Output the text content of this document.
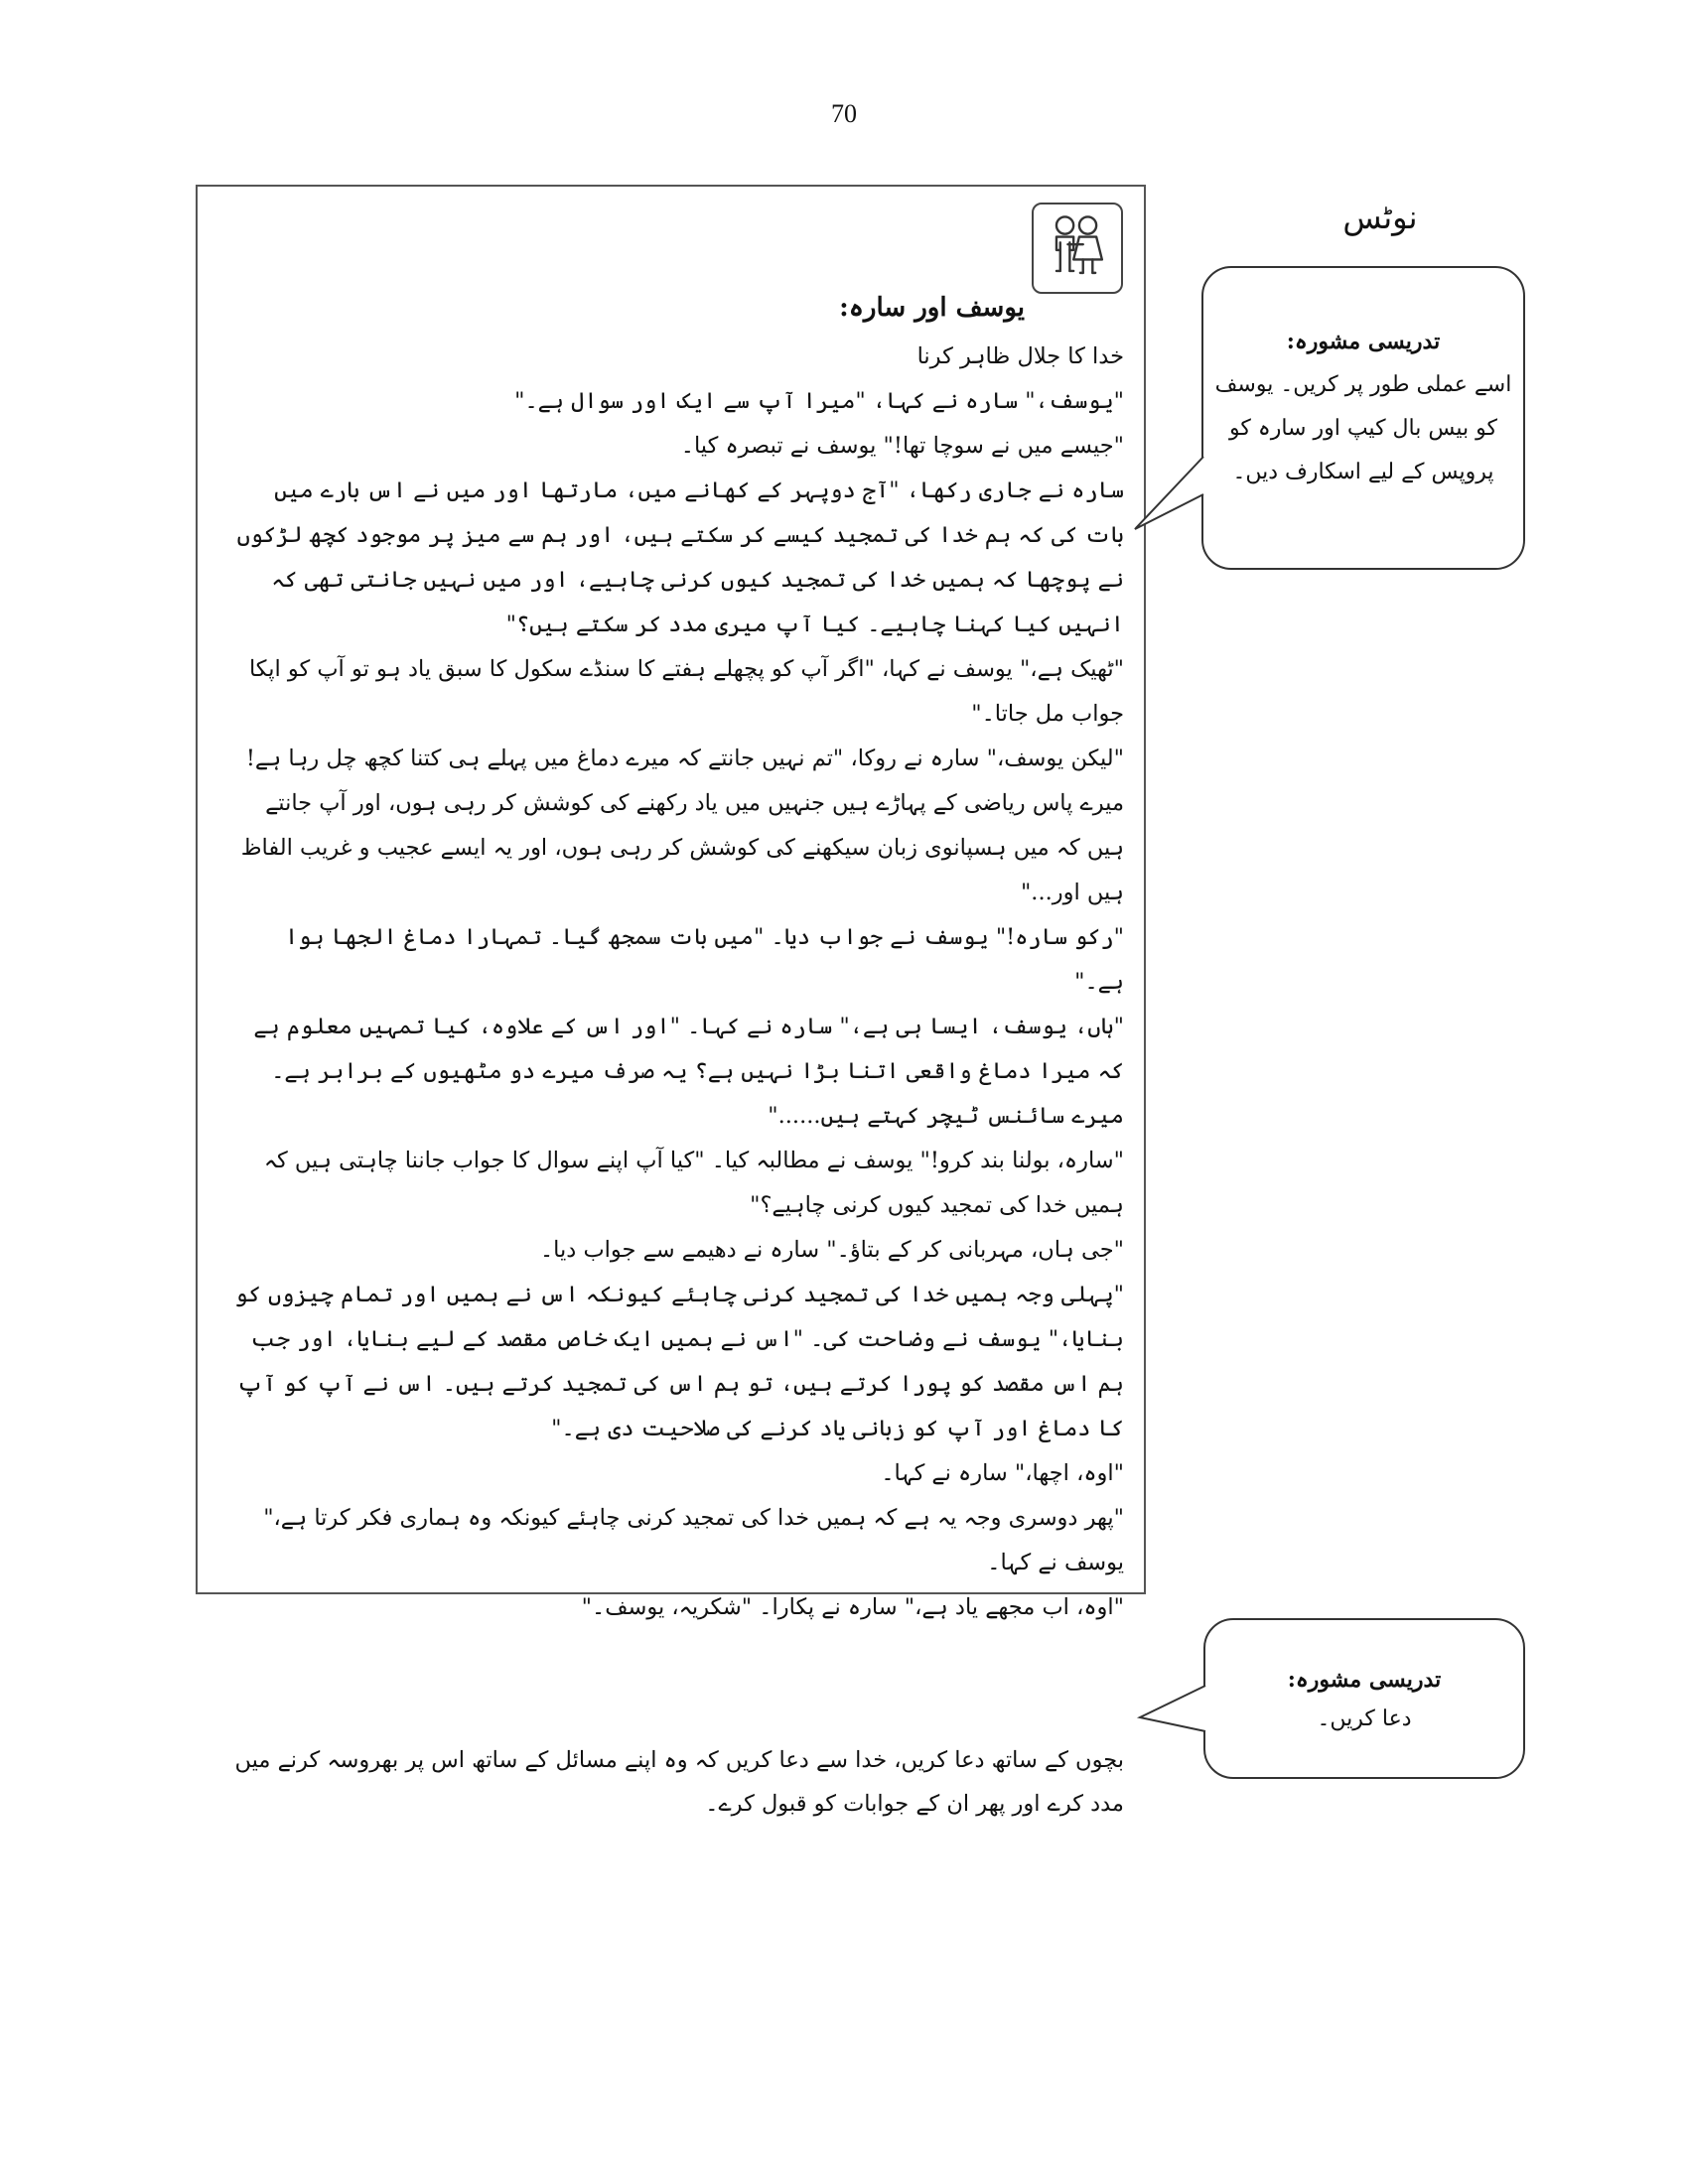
70

یوسف اور سارہ:

خدا کا جلال ظاہر کرنا

"یوسف،" سارہ نے کہا، "میرا آپ سے ایک اور سوال ہے۔"

"جیسے میں نے سوچا تھا!" یوسف نے تبصرہ کیا۔

سارہ نے جاری رکھا، "آج دوپہر کے کھانے میں، مارتھا اور میں نے اس بارے میں بات کی کہ ہم خدا کی تمجید کیسے کر سکتے ہیں، اور ہم سے میز پر موجود کچھ لڑکوں نے پوچھا کہ ہمیں خدا کی تمجید کیوں کرنی چاہیے، اور میں نہیں جانتی تھی کہ انہیں کیا کہنا چاہیے۔ کیا آپ میری مدد کر سکتے ہیں؟"

"ٹھیک ہے،" یوسف نے کہا، "اگر آپ کو پچھلے ہفتے کا سنڈے سکول کا سبق یاد ہو تو آپ کو اپکا جواب مل جاتا۔"

"لیکن یوسف،" سارہ نے روکا، "تم نہیں جانتے کہ میرے دماغ میں پہلے ہی کتنا کچھ چل رہا ہے! میرے پاس ریاضی کے پہاڑے ہیں جنہیں میں یاد رکھنے کی کوشش کر رہی ہوں، اور آپ جانتے ہیں کہ میں ہسپانوی زبان سیکھنے کی کوشش کر رہی ہوں، اور یہ ایسے عجیب و غریب الفاظ ہیں اور..."

"رکو سارہ!" یوسف نے جواب دیا۔ "میں بات سمجھ گیا۔ تمہارا دماغ الجھا ہوا ہے۔"

"ہاں، یوسف، ایسا ہی ہے،" سارہ نے کہا۔ "اور اس کے علاوہ، کیا تمہیں معلوم ہے کہ میرا دماغ واقعی اتنا بڑا نہیں ہے؟ یہ صرف میرے دو مٹھیوں کے برابر ہے۔ میرے سائنس ٹیچر کہتے ہیں......"

"سارہ، بولنا بند کرو!" یوسف نے مطالبہ کیا۔ "کیا آپ اپنے سوال کا جواب جاننا چاہتی ہیں کہ ہمیں خدا کی تمجید کیوں کرنی چاہیے؟"

"جی ہاں، مہربانی کر کے بتاؤ۔" سارہ نے دھیمے سے جواب دیا۔

"پہلی وجہ ہمیں خدا کی تمجید کرنی چاہئے کیونکہ اس نے ہمیں اور تمام چیزوں کو بنایا،" یوسف نے وضاحت کی۔ "اس نے ہمیں ایک خاص مقصد کے لیے بنایا، اور جب ہم اس مقصد کو پورا کرتے ہیں، تو ہم اس کی تمجید کرتے ہیں۔ اس نے آپ کو آپ کا دماغ اور آپ کو زبانی یاد کرنے کی صلاحیت دی ہے۔"

"اوہ، اچھا،" سارہ نے کہا۔

"پھر دوسری وجہ یہ ہے کہ ہمیں خدا کی تمجید کرنی چاہئے کیونکہ وہ ہماری فکر کرتا ہے،" یوسف نے کہا۔

"اوہ، اب مجھے یاد ہے،" سارہ نے پکارا۔ "شکریہ، یوسف۔"

بچوں کے ساتھ دعا کریں، خدا سے دعا کریں کہ وہ اپنے مسائل کے ساتھ اس پر بھروسہ کرنے میں مدد کرے اور پھر ان کے جوابات کو قبول کرے۔

نوٹس
تدریسی مشورہ:
اسے عملی طور پر کریں۔ یوسف
کو بیس بال کیپ اور سارہ کو
پروپس کے لیے اسکارف دیں۔
تدریسی مشورہ:
دعا کریں۔
